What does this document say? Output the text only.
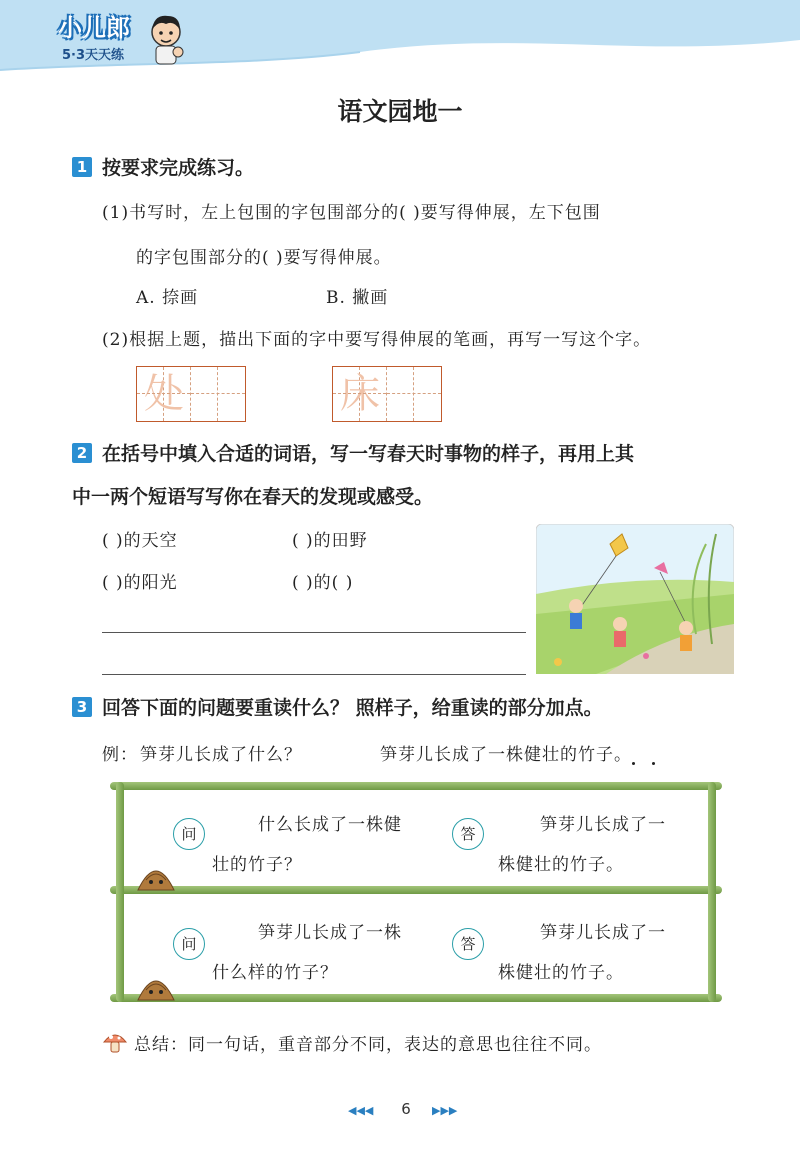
小儿郎
5·3天天练
语文园地一
1 按要求完成练习。
(1)书写时，左上包围的字包围部分的( )要写得伸展，左下包围
的字包围部分的( )要写得伸展。
A. 捺画	B. 撇画
(2)根据上题，描出下面的字中要写得伸展的笔画，再写一写这个字。
处	床
2 在括号中填入合适的词语，写一写春天时事物的样子，再用上其
中一两个短语写写你在春天的发现或感受。
( )的天空	( )的田野
( )的阳光	( )的( )
3 回答下面的问题要重读什么？ 照样子，给重读的部分加点。
例： 笋芽儿长成了什么？	笋芽儿长成了一株健壮的竹子。
问	什么长成了一株健
壮的竹子？
答	笋芽儿长成了一
株健壮的竹子。
问
笋芽儿长成了一株
什么样的竹子？
答
笋芽儿长成了一
株健壮的竹子。
总结：同一句话，重音部分不同，表达的意思也往往不同。
◀◀◀	6	▶▶▶
